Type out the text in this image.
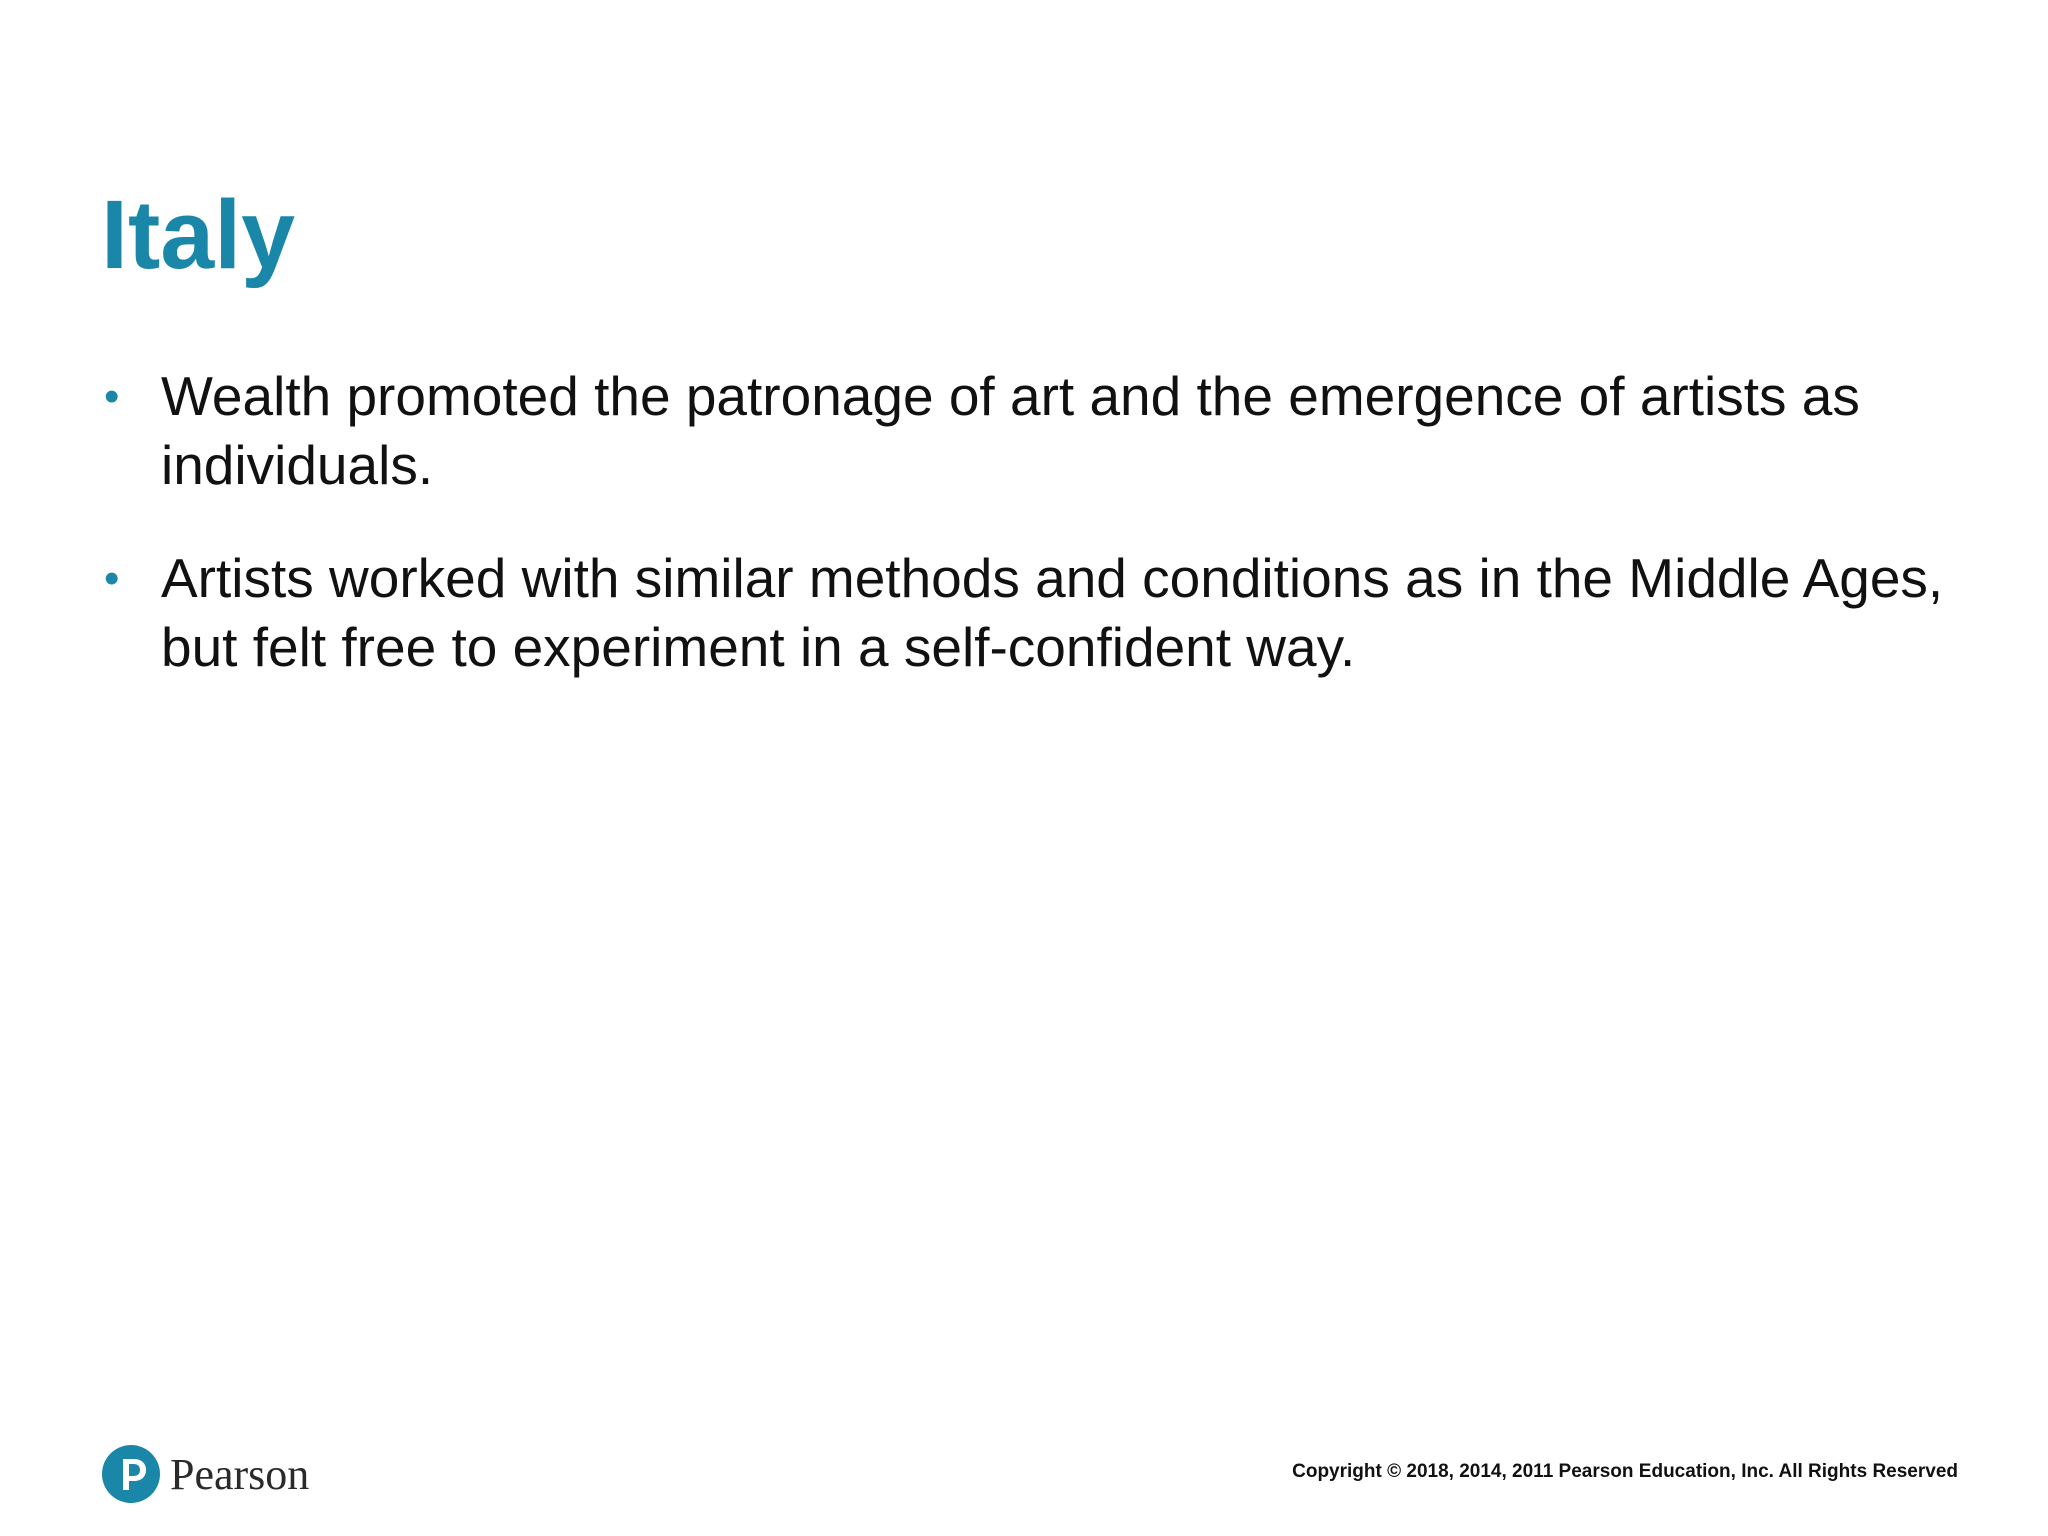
Italy
• Wealth promoted the patronage of art and the emergence of artists as individuals.
• Artists worked with similar methods and conditions as in the Middle Ages, but felt free to experiment in a self-confident way.
Pearson	Copyright © 2018, 2014, 2011 Pearson Education, Inc. All Rights Reserved
